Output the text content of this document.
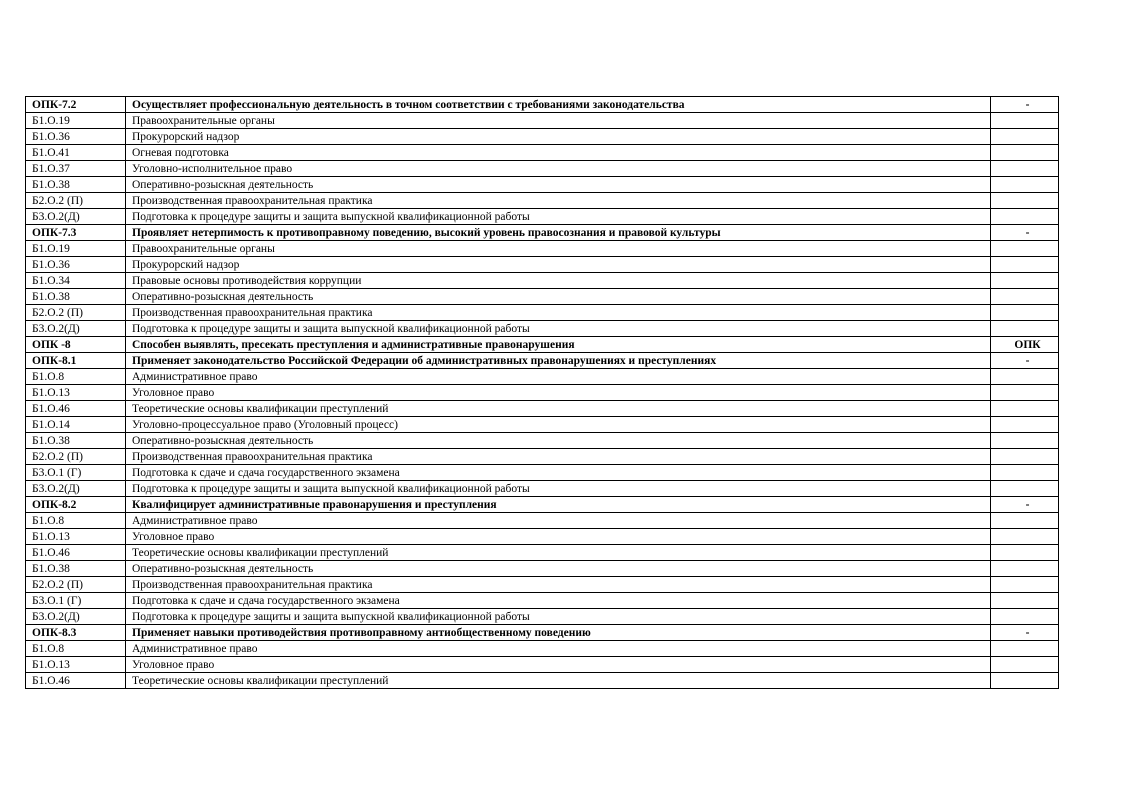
ОПК-7.2	Осуществляет профессиональную деятельность в точном соответствии с требованиями законодательства	-
Б1.О.19	Правоохранительные органы	
Б1.О.36	Прокурорский надзор	
Б1.О.41	Огневая подготовка	
Б1.О.37	Уголовно-исполнительное право	
Б1.О.38	Оперативно-розыскная деятельность	
Б2.О.2 (П)	Производственная правоохранительная практика	
Б3.О.2(Д)	Подготовка к процедуре защиты и защита выпускной квалификационной работы	
ОПК-7.3	Проявляет нетерпимость к противоправному поведению, высокий уровень правосознания и правовой культуры	-
Б1.О.19	Правоохранительные органы	
Б1.О.36	Прокурорский надзор	
Б1.О.34	Правовые основы противодействия коррупции	
Б1.О.38	Оперативно-розыскная деятельность	
Б2.О.2 (П)	Производственная правоохранительная практика	
Б3.О.2(Д)	Подготовка к процедуре защиты и защита выпускной квалификационной работы	
ОПК -8	Способен выявлять, пресекать преступления и административные правонарушения	ОПК
ОПК-8.1	Применяет законодательство Российской Федерации об административных правонарушениях и преступлениях	-
Б1.О.8	Административное право	
Б1.О.13	Уголовное право	
Б1.О.46	Теоретические основы квалификации преступлений	
Б1.О.14	Уголовно-процессуальное право (Уголовный процесс)	
Б1.О.38	Оперативно-розыскная деятельность	
Б2.О.2 (П)	Производственная правоохранительная практика	
Б3.О.1 (Г)	Подготовка к сдаче и сдача государственного экзамена	
Б3.О.2(Д)	Подготовка к процедуре защиты и защита выпускной квалификационной работы	
ОПК-8.2	Квалифицирует административные правонарушения и преступления	-
Б1.О.8	Административное право	
Б1.О.13	Уголовное право	
Б1.О.46	Теоретические основы квалификации преступлений	
Б1.О.38	Оперативно-розыскная деятельность	
Б2.О.2 (П)	Производственная правоохранительная практика	
Б3.О.1 (Г)	Подготовка к сдаче и сдача государственного экзамена	
Б3.О.2(Д)	Подготовка к процедуре защиты и защита выпускной квалификационной работы	
ОПК-8.3	Применяет навыки противодействия противоправному антиобщественному поведению	-
Б1.О.8	Административное право	
Б1.О.13	Уголовное право	
Б1.О.46	Теоретические основы квалификации преступлений	
